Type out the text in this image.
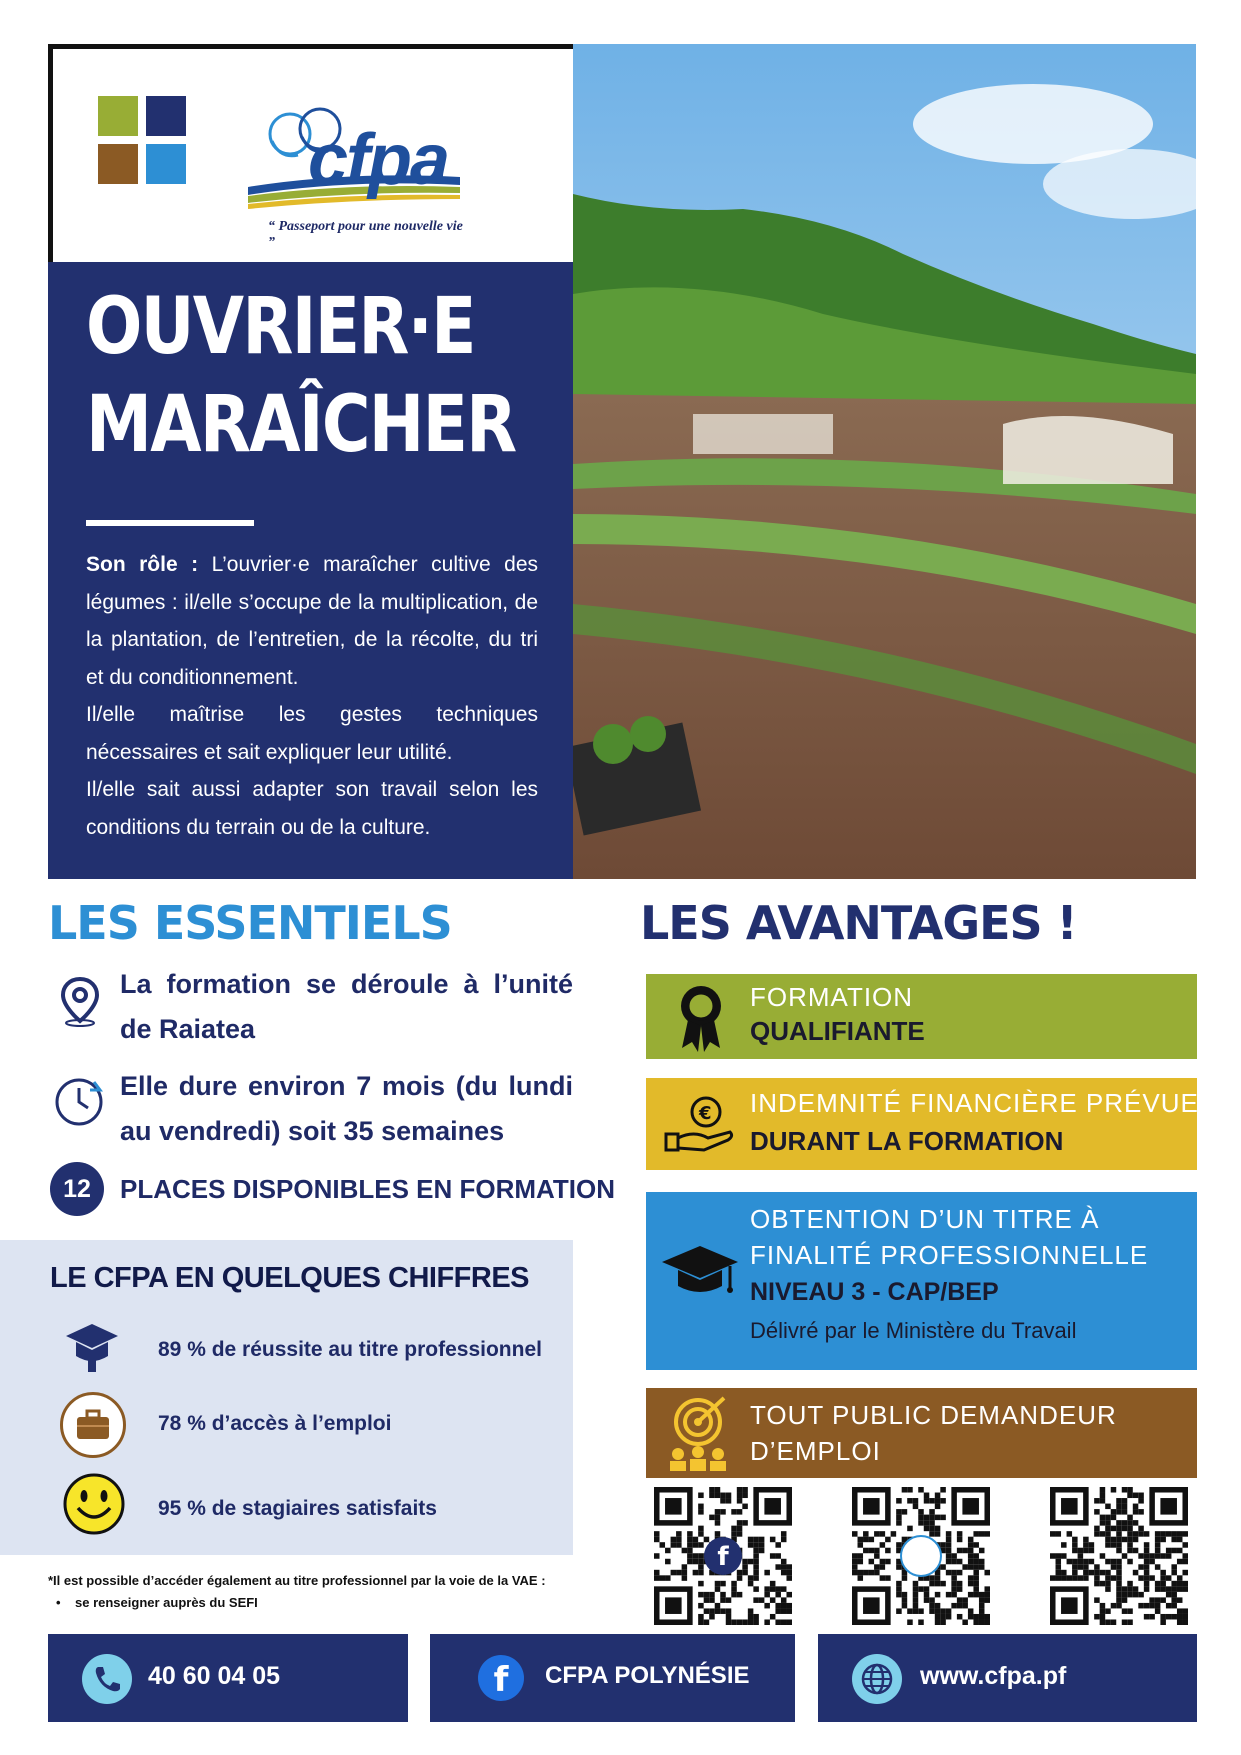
cfpa
“ Passeport pour une nouvelle vie ”
OUVRIER·E
MARAÎCHER

Son rôle : L’ouvrier·e maraîcher cultive des légumes : il/elle s’occupe de la multiplication, de la plantation, de l’entretien, de la récolte, du tri et du conditionnement.

Il/elle maîtrise les gestes techniques nécessaires et sait expliquer leur utilité.

Il/elle sait aussi adapter son travail selon les conditions du terrain ou de la culture.

LES ESSENTIELS
La formation se déroule à l’unité de Raiatea
Elle dure environ 7 mois (du lundi au vendredi) soit 35 semaines
12	PLACES DISPONIBLES EN FORMATION
LE CFPA EN QUELQUES CHIFFRES
89 % de réussite au titre professionnel
78 % d’accès à l’emploi
95 % de stagiaires satisfaits
*Il est possible d’accéder également au titre professionnel par la voie de la VAE :
•    se renseigner auprès du SEFI
LES AVANTAGES !
FORMATION
QUALIFIANTE
€ INDEMNITÉ FINANCIÈRE PRÉVUE
DURANT LA FORMATION
OBTENTION D’UN TITRE À
FINALITÉ PROFESSIONNELLE
NIVEAU 3 - CAP/BEP
Délivré par le Ministère du Travail
TOUT PUBLIC DEMANDEUR
D’EMPLOI
f
40 60 04 05	f	CFPA POLYNÉSIE	www.cfpa.pf
